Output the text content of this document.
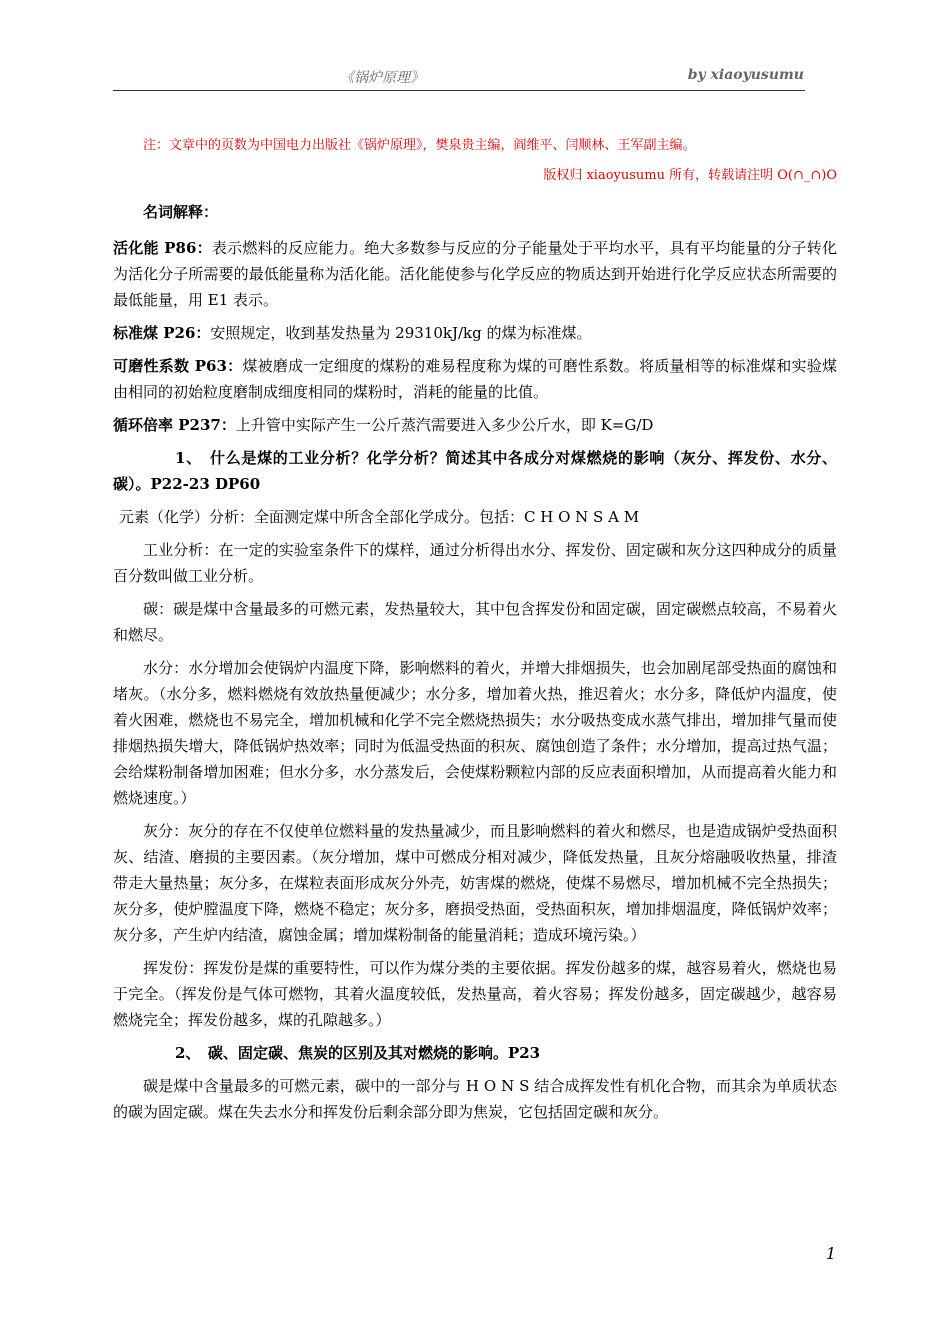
《锅炉原理》	by xiaoyusumu

注：文章中的页数为中国电力出版社《锅炉原理》，樊泉贵主编，阎维平、闫顺林、王军副主编。

版权归 xiaoyusumu 所有，转载请注明 O(∩_∩)O

名词解释：

活化能 P86：表示燃料的反应能力。绝大多数参与反应的分子能量处于平均水平，具有平均能量的分子转化为活化分子所需要的最低能量称为活化能。活化能使参与化学反应的物质达到开始进行化学反应状态所需要的最低能量，用 E1 表示。

标准煤 P26：安照规定，收到基发热量为 29310kJ/kg 的煤为标准煤。

可磨性系数 P63：煤被磨成一定细度的煤粉的难易程度称为煤的可磨性系数。将质量相等的标准煤和实验煤由相同的初始粒度磨制成细度相同的煤粉时，消耗的能量的比值。

循环倍率 P237：上升管中实际产生一公斤蒸汽需要进入多少公斤水，即 K=G/D

1、　什么是煤的工业分析？化学分析？简述其中各成分对煤燃烧的影响（灰分、挥发份、水分、碳）。P22-23 DP60

元素（化学）分析：全面测定煤中所含全部化学成分。包括：C H O N S A M

工业分析：在一定的实验室条件下的煤样，通过分析得出水分、挥发份、固定碳和灰分这四种成分的质量百分数叫做工业分析。

碳：碳是煤中含量最多的可燃元素，发热量较大，其中包含挥发份和固定碳，固定碳燃点较高，不易着火和燃尽。

水分：水分增加会使锅炉内温度下降，影响燃料的着火，并增大排烟损失，也会加剧尾部受热面的腐蚀和堵灰。（水分多，燃料燃烧有效放热量便减少；水分多，增加着火热，推迟着火；水分多，降低炉内温度，使着火困难，燃烧也不易完全，增加机械和化学不完全燃烧热损失；水分吸热变成水蒸气排出，增加排气量而使排烟热损失增大，降低锅炉热效率；同时为低温受热面的积灰、腐蚀创造了条件；水分增加，提高过热气温；会给煤粉制备增加困难；但水分多，水分蒸发后，会使煤粉颗粒内部的反应表面积增加，从而提高着火能力和燃烧速度。）

灰分：灰分的存在不仅使单位燃料量的发热量减少，而且影响燃料的着火和燃尽，也是造成锅炉受热面积灰、结渣、磨损的主要因素。（灰分增加，煤中可燃成分相对减少，降低发热量，且灰分熔融吸收热量，排渣带走大量热量；灰分多，在煤粒表面形成灰分外壳，妨害煤的燃烧，使煤不易燃尽，增加机械不完全热损失；灰分多，使炉膛温度下降，燃烧不稳定；灰分多，磨损受热面，受热面积灰，增加排烟温度，降低锅炉效率；灰分多，产生炉内结渣，腐蚀金属；增加煤粉制备的能量消耗；造成环境污染。）

挥发份：挥发份是煤的重要特性，可以作为煤分类的主要依据。挥发份越多的煤，越容易着火，燃烧也易于完全。（挥发份是气体可燃物，其着火温度较低，发热量高，着火容易；挥发份越多，固定碳越少，越容易燃烧完全；挥发份越多，煤的孔隙越多。）

2、　碳、固定碳、焦炭的区别及其对燃烧的影响。P23

碳是煤中含量最多的可燃元素，碳中的一部分与 H O N S 结合成挥发性有机化合物，而其余为单质状态的碳为固定碳。煤在失去水分和挥发份后剩余部分即为焦炭，它包括固定碳和灰分。

1
